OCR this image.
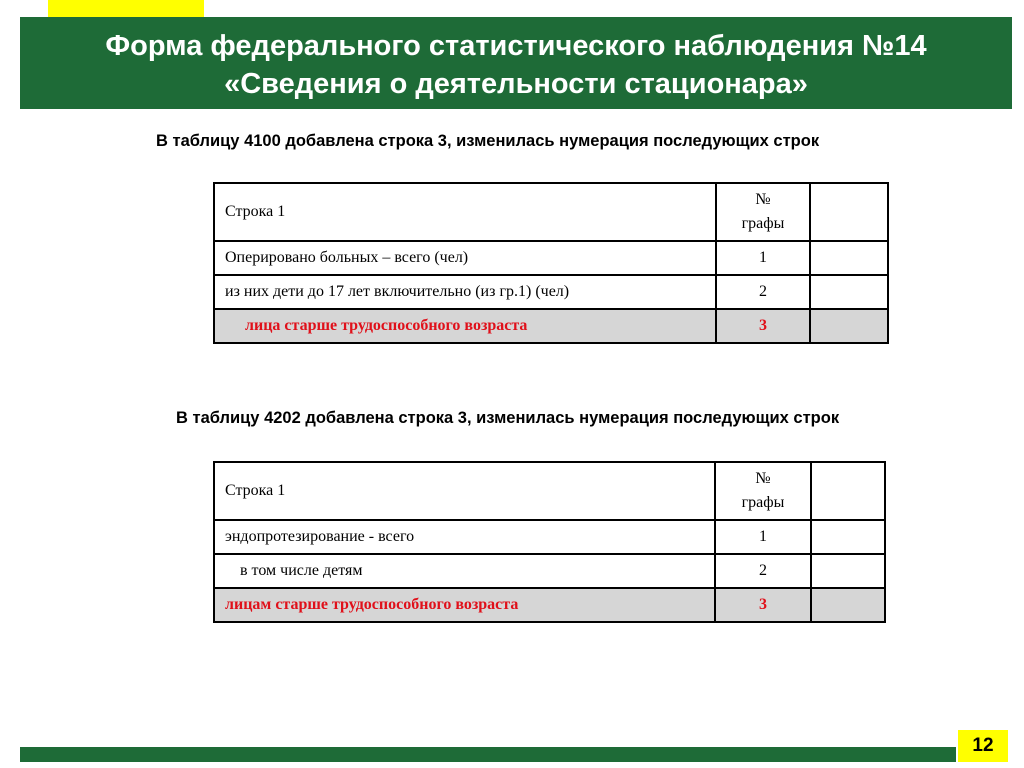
Форма федерального статистического наблюдения №14
«Сведения о деятельности стационара»
В таблицу 4100 добавлена строка 3, изменилась нумерация последующих строк
Строка 1	№
графы	

Оперировано больных – всего (чел)	1	
из них дети до 17 лет включительно (из гр.1) (чел)	2	
лица старше трудоспособного возраста	3	
В таблицу 4202 добавлена строка 3, изменилась нумерация последующих строк
Строка 1	№
графы	

эндопротезирование - всего	1	
в том числе детям	2	
лицам старше трудоспособного возраста	3	
12
